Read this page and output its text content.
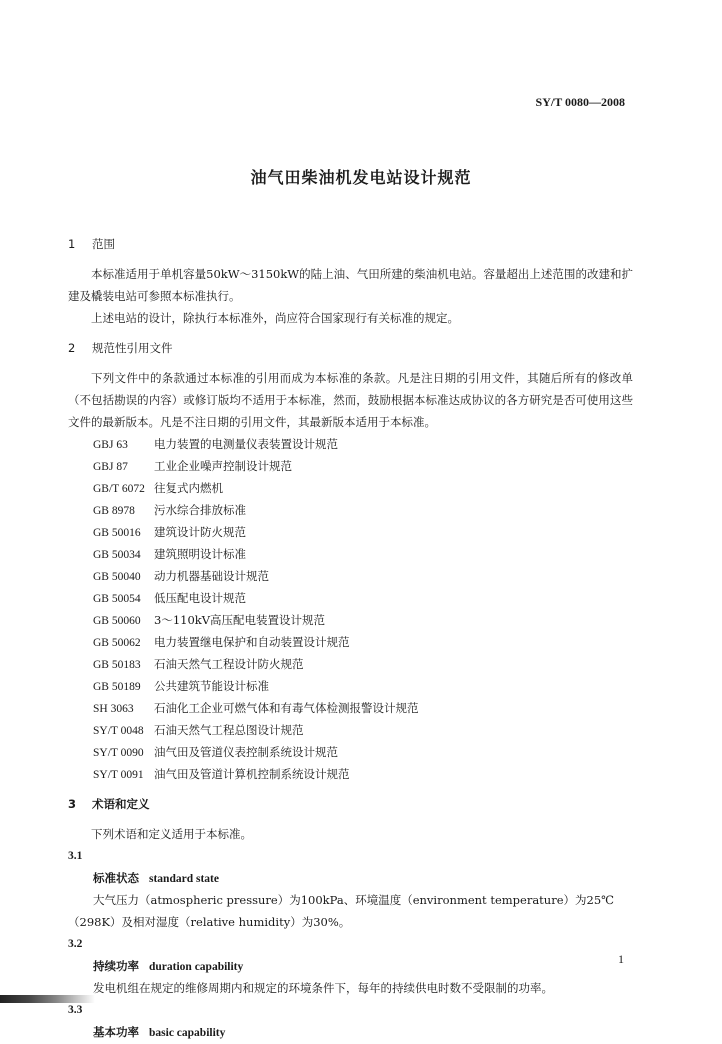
SY/T 0080—2008
油气田柴油机发电站设计规范
1 范围

本标准适用于单机容量50kW～3150kW的陆上油、气田所建的柴油机电站。容量超出上述范围的改建和扩建及橇装电站可参照本标准执行。

上述电站的设计，除执行本标准外，尚应符合国家现行有关标准的规定。

2 规范性引用文件

下列文件中的条款通过本标准的引用而成为本标准的条款。凡是注日期的引用文件，其随后所有的修改单（不包括勘误的内容）或修订版均不适用于本标准，然而，鼓励根据本标准达成协议的各方研究是否可使用这些文件的最新版本。凡是不注日期的引用文件，其最新版本适用于本标准。

GBJ 63 电力装置的电测量仪表装置设计规范
GBJ 87 工业企业噪声控制设计规范
GB/T 6072 往复式内燃机
GB 8978 污水综合排放标准
GB 50016 建筑设计防火规范
GB 50034 建筑照明设计标准
GB 50040 动力机器基础设计规范
GB 50054 低压配电设计规范
GB 50060 3～110kV高压配电装置设计规范
GB 50062 电力装置继电保护和自动装置设计规范
GB 50183 石油天然气工程设计防火规范
GB 50189 公共建筑节能设计标准
SH 3063 石油化工企业可燃气体和有毒气体检测报警设计规范
SY/T 0048 石油天然气工程总图设计规范
SY/T 0090 油气田及管道仪表控制系统设计规范
SY/T 0091 油气田及管道计算机控制系统设计规范
3 术语和定义

下列术语和定义适用于本标准。

3.1
标准状态 standard state
大气压力（atmospheric pressure）为100kPa、环境温度（environment temperature）为25℃
（298K）及相对湿度（relative humidity）为30%。
3.2
持续功率 duration capability
发电机组在规定的维修周期内和规定的环境条件下，每年的持续供电时数不受限制的功率。
3.3
基本功率 basic capability
1
